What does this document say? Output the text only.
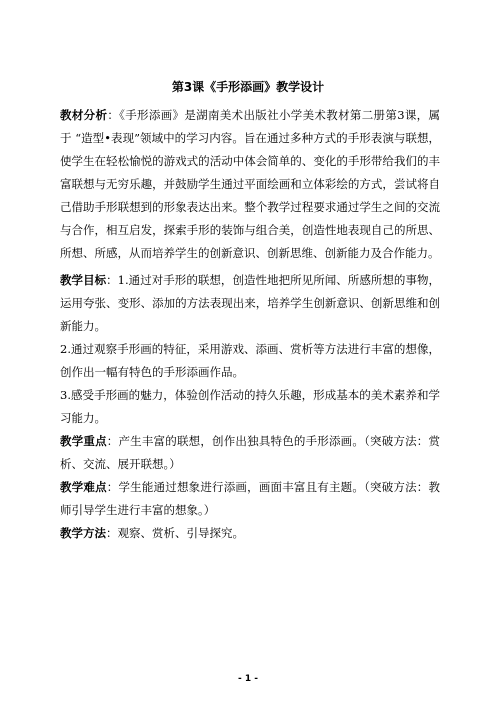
第3课《手形添画》教学设计

教材分析：《手形添画》是湖南美术出版社小学美术教材第二册第3课，属于 “造型•表现”领域中的学习内容。旨在通过多种方式的手形表演与联想，使学生在轻松愉悦的游戏式的活动中体会简单的、变化的手形带给我们的丰富联想与无穷乐趣，并鼓励学生通过平面绘画和立体彩绘的方式，尝试将自己借助手形联想到的形象表达出来。整个教学过程要求通过学生之间的交流与合作，相互启发，探索手形的装饰与组合美，创造性地表现自己的所思、所想、所感，从而培养学生的创新意识、创新思维、创新能力及合作能力。

教学目标：1.通过对手形的联想，创造性地把所见所闻、所感所想的事物，运用夸张、变形、添加的方法表现出来，培养学生创新意识、创新思维和创新能力。

2.通过观察手形画的特征，采用游戏、添画、赏析等方法进行丰富的想像，创作出一幅有特色的手形添画作品。

3.感受手形画的魅力，体验创作活动的持久乐趣，形成基本的美术素养和学习能力。

教学重点：产生丰富的联想，创作出独具特色的手形添画。（突破方法：赏析、交流、展开联想。）

教学难点：学生能通过想象进行添画，画面丰富且有主题。（突破方法：教师引导学生进行丰富的想象。）

教学方法：观察、赏析、引导探究。

- 1 -
